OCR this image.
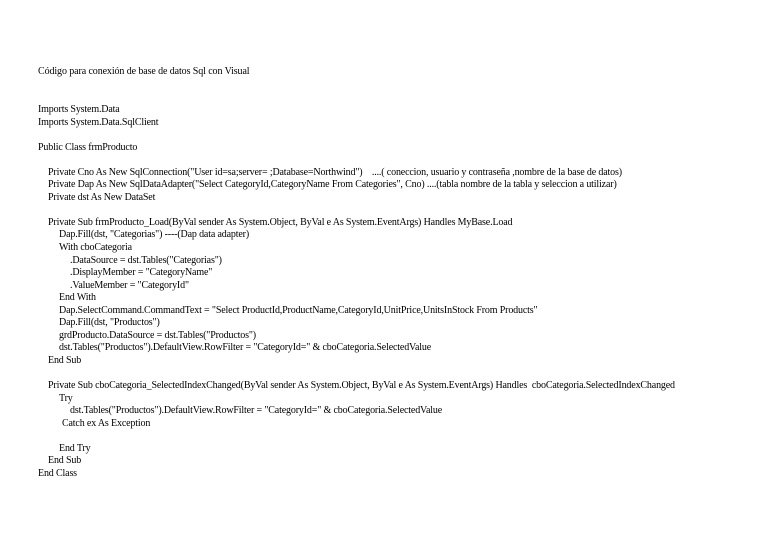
Código para conexión de base de datos Sql con Visual
Imports System.Data
Imports System.Data.SqlClient
Public Class frmProducto
Private Cno As New SqlConnection("User id=sa;server= ;Database=Northwind")    ....( coneccion, usuario y contraseña ,nombre de la base de datos)
Private Dap As New SqlDataAdapter("Select CategoryId,CategoryName From Categories", Cno) ....(tabla nombre de la tabla y seleccion a utilizar)
Private dst As New DataSet
Private Sub frmProducto_Load(ByVal sender As System.Object, ByVal e As System.EventArgs) Handles MyBase.Load
Dap.Fill(dst, "Categorias") ----(Dap data adapter)
With cboCategoria
.DataSource = dst.Tables("Categorias")
.DisplayMember = "CategoryName"
.ValueMember = "CategoryId"
End With
Dap.SelectCommand.CommandText = "Select ProductId,ProductName,CategoryId,UnitPrice,UnitsInStock From Products"
Dap.Fill(dst, "Productos")
grdProducto.DataSource = dst.Tables("Productos")
dst.Tables("Productos").DefaultView.RowFilter = "CategoryId=" & cboCategoria.SelectedValue
End Sub
Private Sub cboCategoria_SelectedIndexChanged(ByVal sender As System.Object, ByVal e As System.EventArgs) Handles  cboCategoria.SelectedIndexChanged
Try
dst.Tables("Productos").DefaultView.RowFilter = "CategoryId=" & cboCategoria.SelectedValue
Catch ex As Exception
End Try
End Sub
End Class
